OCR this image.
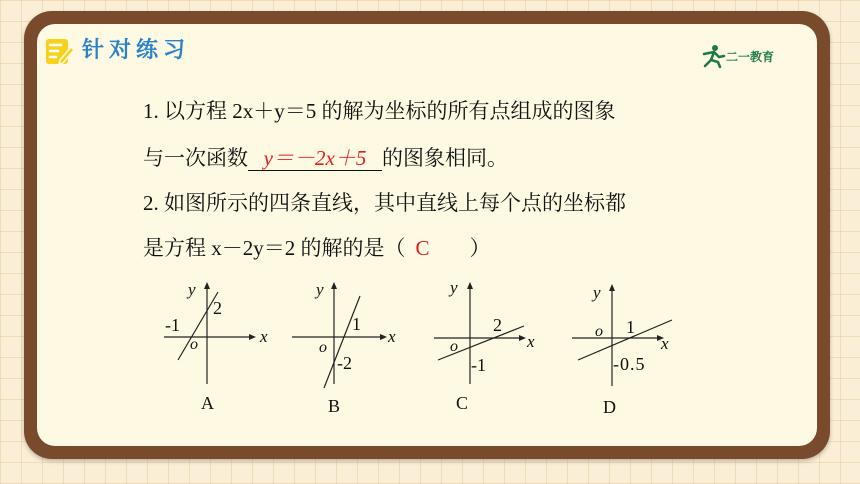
针对练习	二一教育
1. 以方程 2x＋y＝5 的解为坐标的所有点组成的图象
与一次函数 y＝－2x＋5 的图象相同。
2. 如图所示的四条直线，其中直线上每个点的坐标都
是方程 x－2y＝2 的解的是（ C ）
y
x
o
-1
2
A
y
x
o
1
-2
B
y
x
o
2
-1
C
y
x
o 1
-0.5
D
